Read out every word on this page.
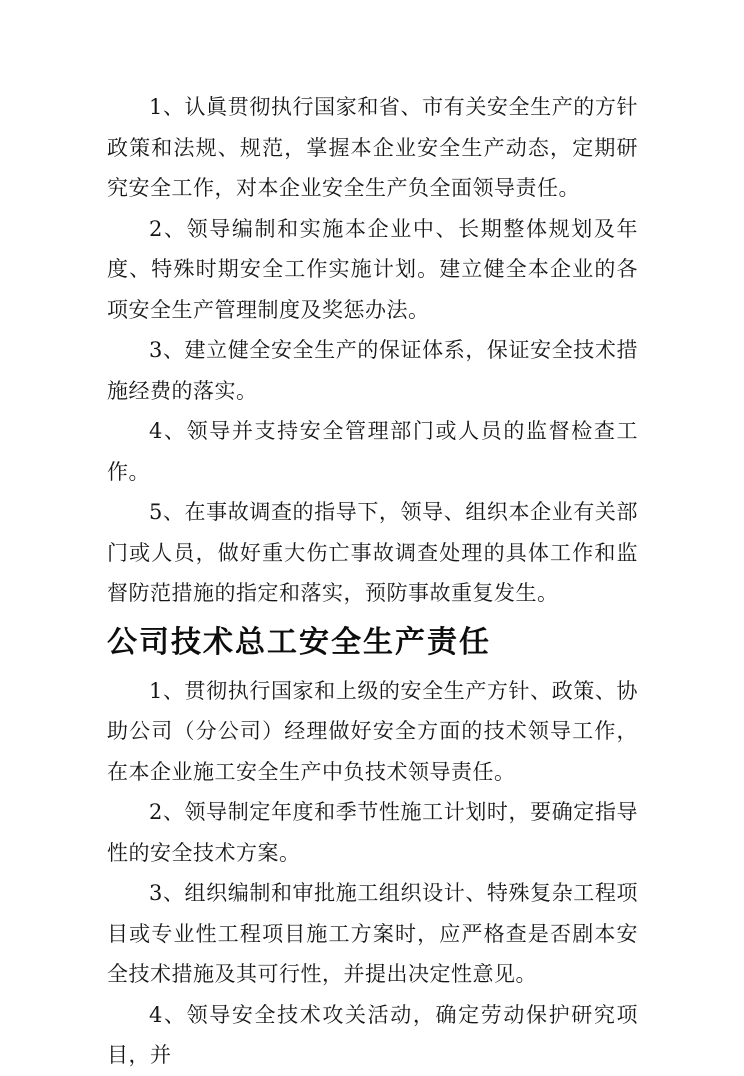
1、认眞贯彻执行国家和省、市有关安全生产的方针政策和法规、规范，掌握本企业安全生产动态，定期研究安全工作，对本企业安全生产负全面领导责任。

2、领导编制和实施本企业中、长期整体规划及年度、特殊时期安全工作实施计划。建立健全本企业的各项安全生产管理制度及奖惩办法。

3、建立健全安全生产的保证体系，保证安全技术措施经费的落实。

4、领导并支持安全管理部门或人员的监督检查工作。

5、在事故调查的指导下，领导、组织本企业有关部门或人员，做好重大伤亡事故调查处理的具体工作和监督防范措施的指定和落实，预防事故重复发生。

公司技术总工安全生产责任

1、贯彻执行国家和上级的安全生产方针、政策、协助公司（分公司）经理做好安全方面的技术领导工作，在本企业施工安全生产中负技术领导责任。

2、领导制定年度和季节性施工计划时，要确定指导性的安全技术方案。

3、组织编制和审批施工组织设计、特殊复杂工程项目或专业性工程项目施工方案时，应严格查是否剧本安全技术措施及其可行性，并提出决定性意见。

4、领导安全技术攻关活动，确定劳动保护研究项目，并
